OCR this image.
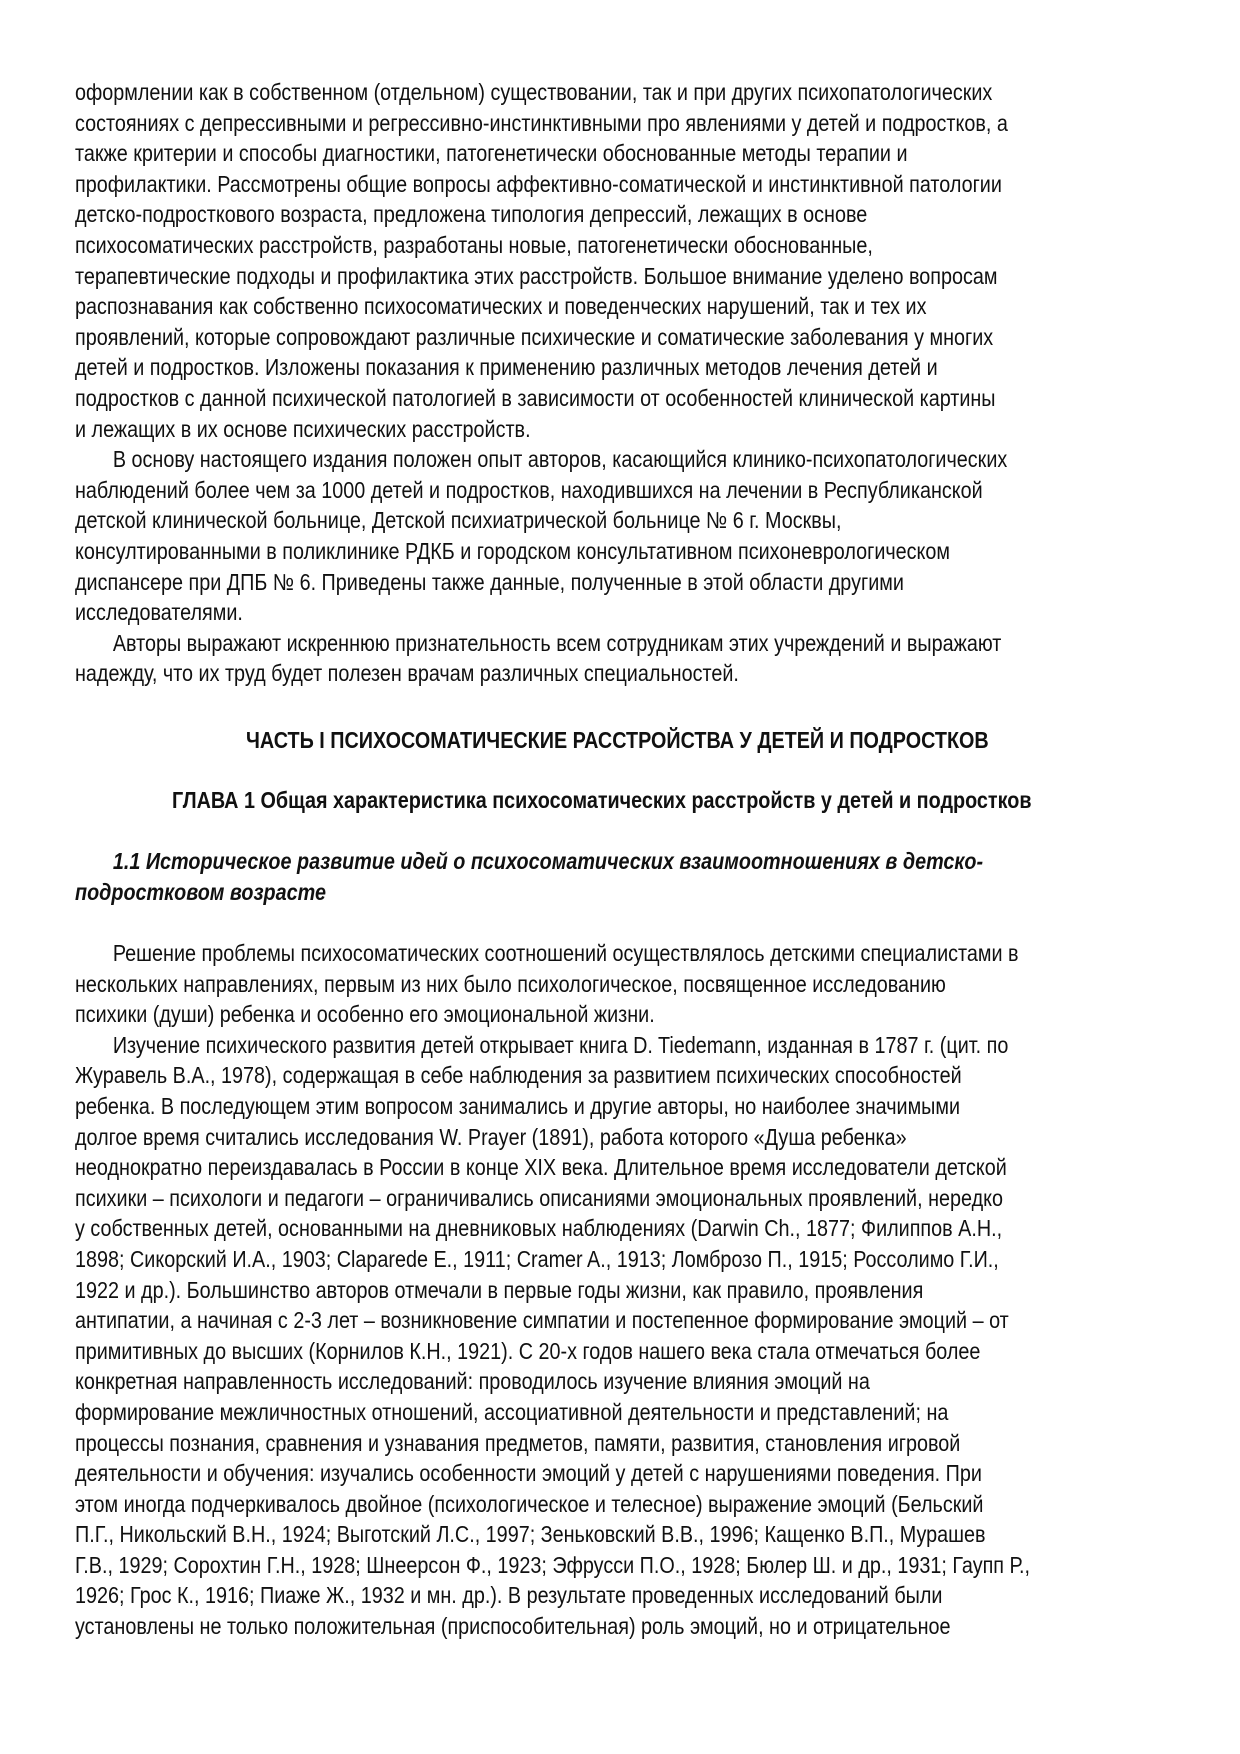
оформлении как в собственном (отдельном) существовании, так и при других психопатологических
состояниях с депрессивными и регрессивно-инстинктивными про явлениями у детей и подростков, а
также критерии и способы диагностики, патогенетически обоснованные методы терапии и
профилактики. Рассмотрены общие вопросы аффективно-соматической и инстинктивной патологии
детско-подросткового возраста, предложена типология депрессий, лежащих в основе
психосоматических расстройств, разработаны новые, патогенетически обоснованные,
терапевтические подходы и профилактика этих расстройств. Большое внимание уделено вопросам
распознавания как собственно психосоматических и поведенческих нарушений, так и тех их
проявлений, которые сопровождают различные психические и соматические заболевания у многих
детей и подростков. Изложены показания к применению различных методов лечения детей и
подростков с данной психической патологией в зависимости от особенностей клинической картины
и лежащих в их основе психических расстройств.
В основу настоящего издания положен опыт авторов, касающийся клинико-психопатологических
наблюдений более чем за 1000 детей и подростков, находившихся на лечении в Республиканской
детской клинической больнице, Детской психиатрической больнице № 6 г. Москвы,
консултированными в поликлинике РДКБ и городском консультативном психоневрологическом
диспансере при ДПБ № 6. Приведены также данные, полученные в этой области другими
исследователями.
Авторы выражают искреннюю признательность всем сотрудникам этих учреждений и выражают
надежду, что их труд будет полезен врачам различных специальностей.
ЧАСТЬ I ПСИХОСОМАТИЧЕСКИЕ РАССТРОЙСТВА У ДЕТЕЙ И ПОДРОСТКОВ
ГЛАВА 1 Общая характеристика психосоматических расстройств у детей и подростков
1.1 Историческое развитие идей о психосоматических взаимоотношениях в детско-
подростковом возрасте
Решение проблемы психосоматических соотношений осуществлялось детскими специалистами в
нескольких направлениях, первым из них было психологическое, посвященное исследованию
психики (души) ребенка и особенно его эмоциональной жизни.
Изучение психического развития детей открывает книга D. Tiedemann, изданная в 1787 г. (цит. по
Журавель В.А., 1978), содержащая в себе наблюдения за развитием психических способностей
ребенка. В последующем этим вопросом занимались и другие авторы, но наиболее значимыми
долгое время считались исследования W. Prayer (1891), работа которого «Душа ребенка»
неоднократно переиздавалась в России в конце XIX века. Длительное время исследователи детской
психики – психологи и педагоги – ограничивались описаниями эмоциональных проявлений, нередко
у собственных детей, основанными на дневниковых наблюдениях (Darwin Ch., 1877; Филиппов А.Н.,
1898; Сикорский И.А., 1903; Claparede E., 1911; Cramer A., 1913; Ломброзо П., 1915; Россолимо Г.И.,
1922 и др.). Большинство авторов отмечали в первые годы жизни, как правило, проявления
антипатии, а начиная с 2-3 лет – возникновение симпатии и постепенное формирование эмоций – от
примитивных до высших (Корнилов К.Н., 1921). С 20-х годов нашего века стала отмечаться более
конкретная направленность исследований: проводилось изучение влияния эмоций на
формирование межличностных отношений, ассоциативной деятельности и представлений; на
процессы познания, сравнения и узнавания предметов, памяти, развития, становления игровой
деятельности и обучения: изучались особенности эмоций у детей с нарушениями поведения. При
этом иногда подчеркивалось двойное (психологическое и телесное) выражение эмоций (Бельский
П.Г., Никольский В.Н., 1924; Выготский Л.С., 1997; Зеньковский В.В., 1996; Кащенко В.П., Мурашев
Г.В., 1929; Сорохтин Г.Н., 1928; Шнеерсон Ф., 1923; Эфрусси П.О., 1928; Бюлер Ш. и др., 1931; Гаупп Р.,
1926; Грос К., 1916; Пиаже Ж., 1932 и мн. др.). В результате проведенных исследований были
установлены не только положительная (приспособительная) роль эмоций, но и отрицательное
